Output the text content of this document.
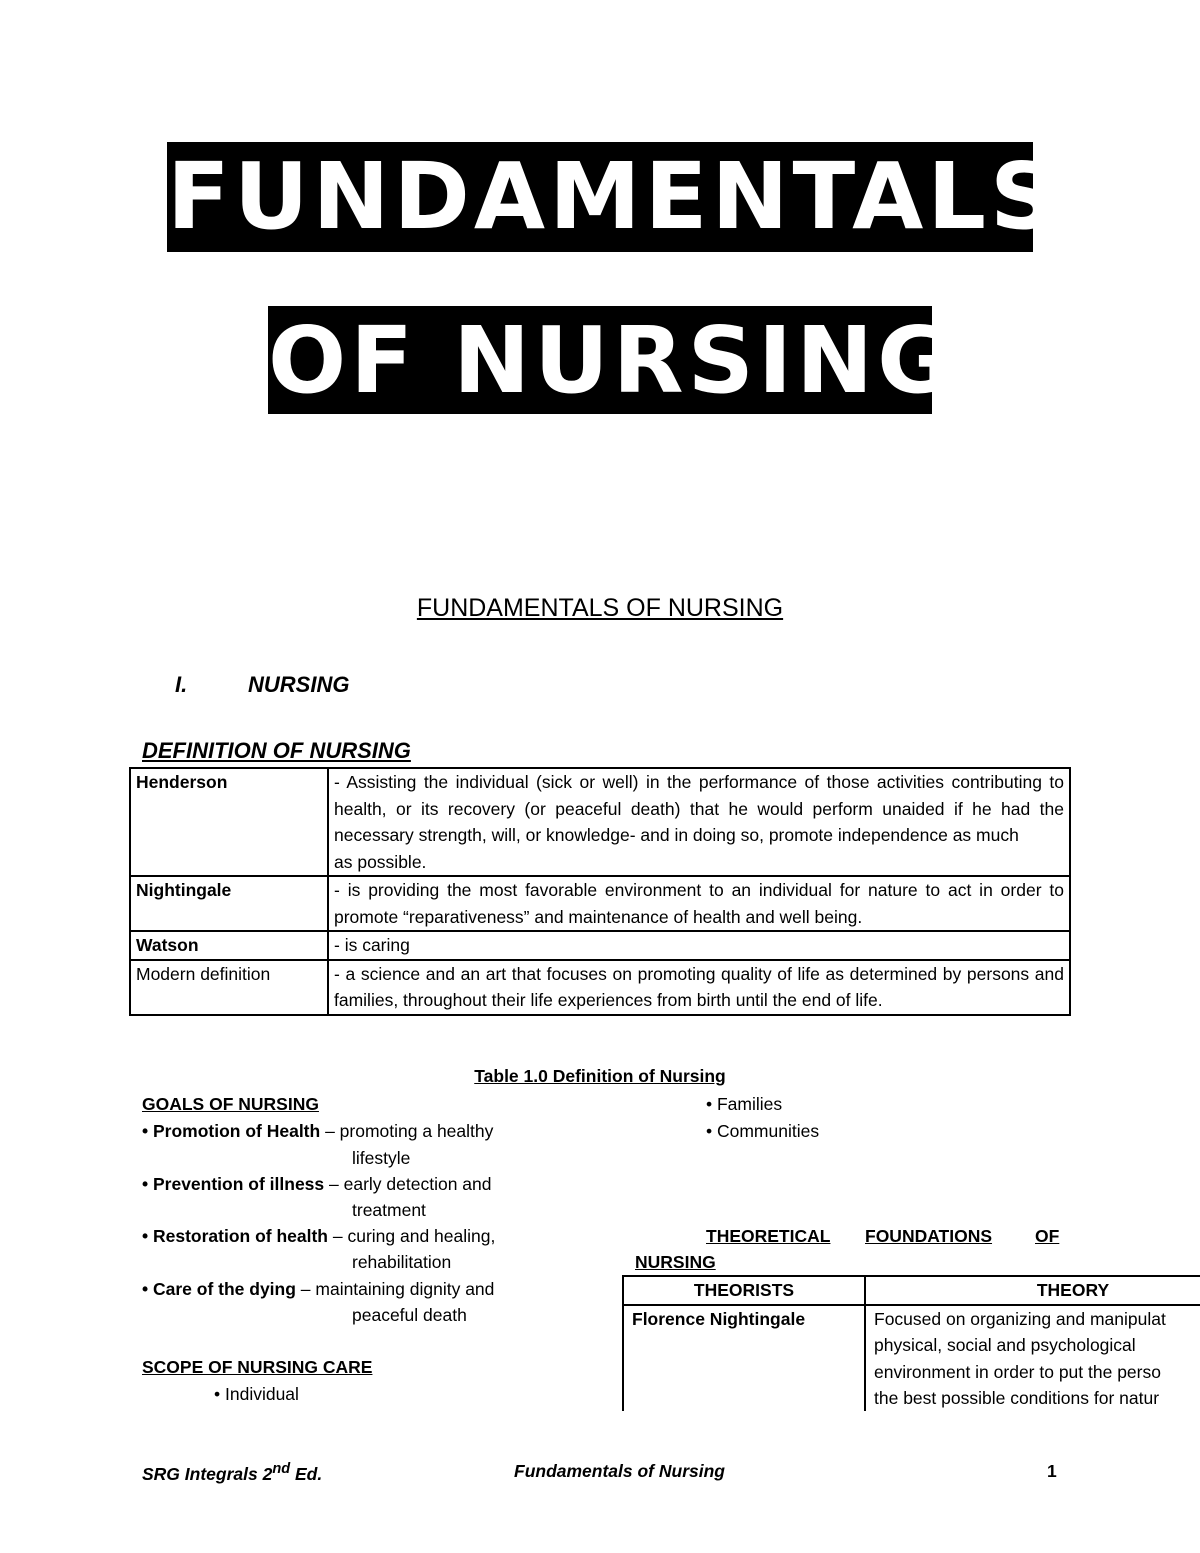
FUNDAMENTALS
OF NURSING
FUNDAMENTALS OF NURSING
I.	NURSING
DEFINITION OF NURSING
Henderson	- Assisting the individual (sick or well) in the performance of those activities contributing to health, or its recovery (or peaceful death) that he would perform unaided if he had the necessary strength, will, or knowledge- and in doing so, promote independence as much
as possible.

Nightingale	- is providing the most favorable environment to an individual for nature to act in order to promote “reparativeness” and maintenance of health and well being.
Watson	- is caring
Modern definition	- a science and an art that focuses on promoting quality of life as determined by persons and families, throughout their life experiences from birth until the end of life.
Table 1.0 Definition of Nursing
GOALS OF NURSING
• Promotion of Health – promoting a healthy
lifestyle
• Prevention of illness – early detection and
treatment
• Restoration of health – curing and healing,
rehabilitation
• Care of the dying – maintaining dignity and
peaceful death
SCOPE OF NURSING CARE
• Individual
• Families
• Communities
THEORETICAL FOUNDATIONS OF
NURSING
THEORISTS	THEORY
Florence Nightingale	Focused on organizing and manipulat
physical, social and psychological
environment in order to put the perso
the best possible conditions for natur
SRG Integrals 2nd Ed.	Fundamentals of Nursing	1
